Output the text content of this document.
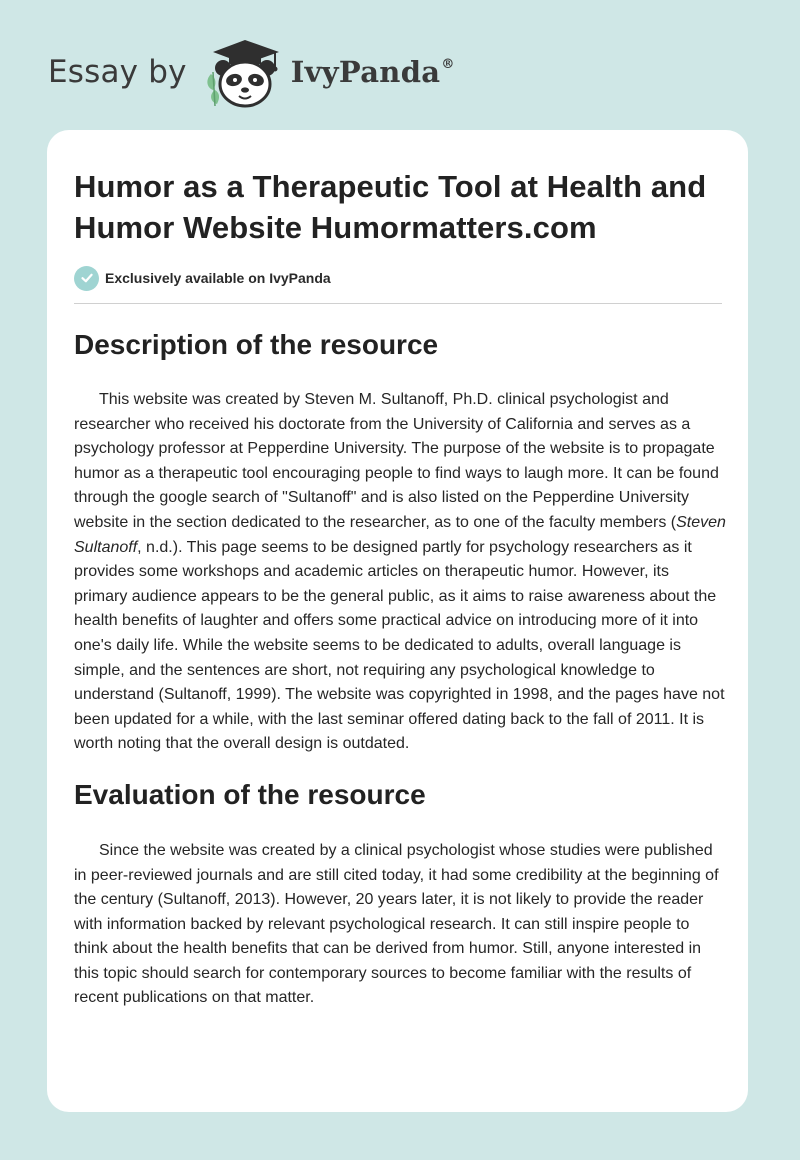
Essay by	IvyPanda®
Humor as a Therapeutic Tool at Health and Humor Website Humormatters.com
Exclusively available on IvyPanda
Description of the resource

This website was created by Steven M. Sultanoff, Ph.D. clinical psychologist and researcher who received his doctorate from the University of California and serves as a psychology professor at Pepperdine University. The purpose of the website is to propagate humor as a therapeutic tool encouraging people to find ways to laugh more. It can be found through the google search of "Sultanoff" and is also listed on the Pepperdine University website in the section dedicated to the researcher, as to one of the faculty members (Steven Sultanoff, n.d.). This page seems to be designed partly for psychology researchers as it provides some workshops and academic articles on therapeutic humor. However, its primary audience appears to be the general public, as it aims to raise awareness about the health benefits of laughter and offers some practical advice on introducing more of it into one's daily life. While the website seems to be dedicated to adults, overall language is simple, and the sentences are short, not requiring any psychological knowledge to understand (Sultanoff, 1999). The website was copyrighted in 1998, and the pages have not been updated for a while, with the last seminar offered dating back to the fall of 2011. It is worth noting that the overall design is outdated.

Evaluation of the resource

Since the website was created by a clinical psychologist whose studies were published in peer-reviewed journals and are still cited today, it had some credibility at the beginning of the century (Sultanoff, 2013). However, 20 years later, it is not likely to provide the reader with information backed by relevant psychological research. It can still inspire people to think about the health benefits that can be derived from humor. Still, anyone interested in this topic should search for contemporary sources to become familiar with the results of recent publications on that matter.
